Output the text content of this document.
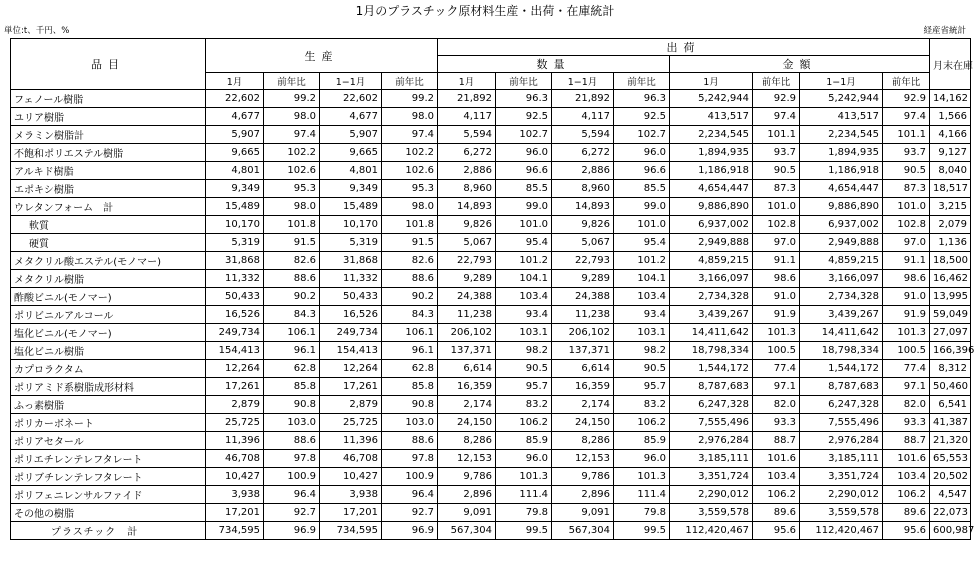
1月のプラスチック原材料生産・出荷・在庫統計
単位:t、千円、%	経産省統計
品目	生産				出荷								月末在庫
					数量				金額				
	1月	前年比	1−1月	前年比	1月	前年比	1−1月	前年比	1月	前年比	1−1月	前年比	
フェノール樹脂	22,602	99.2	22,602	99.2	21,892	96.3	21,892	96.3	5,242,944	92.9	5,242,944	92.9	14,162
ユリア樹脂	4,677	98.0	4,677	98.0	4,117	92.5	4,117	92.5	413,517	97.4	413,517	97.4	1,566
メラミン樹脂計	5,907	97.4	5,907	97.4	5,594	102.7	5,594	102.7	2,234,545	101.1	2,234,545	101.1	4,166
不飽和ポリエステル樹脂	9,665	102.2	9,665	102.2	6,272	96.0	6,272	96.0	1,894,935	93.7	1,894,935	93.7	9,127
アルキド樹脂	4,801	102.6	4,801	102.6	2,886	96.6	2,886	96.6	1,186,918	90.5	1,186,918	90.5	8,040
エポキシ樹脂	9,349	95.3	9,349	95.3	8,960	85.5	8,960	85.5	4,654,447	87.3	4,654,447	87.3	18,517
ウレタンフォーム　計	15,489	98.0	15,489	98.0	14,893	99.0	14,893	99.0	9,886,890	101.0	9,886,890	101.0	3,215
軟質	10,170	101.8	10,170	101.8	9,826	101.0	9,826	101.0	6,937,002	102.8	6,937,002	102.8	2,079
硬質	5,319	91.5	5,319	91.5	5,067	95.4	5,067	95.4	2,949,888	97.0	2,949,888	97.0	1,136
メタクリル酸エステル(モノマー)	31,868	82.6	31,868	82.6	22,793	101.2	22,793	101.2	4,859,215	91.1	4,859,215	91.1	18,500
メタクリル樹脂	11,332	88.6	11,332	88.6	9,289	104.1	9,289	104.1	3,166,097	98.6	3,166,097	98.6	16,462
酢酸ビニル(モノマー)	50,433	90.2	50,433	90.2	24,388	103.4	24,388	103.4	2,734,328	91.0	2,734,328	91.0	13,995
ポリビニルアルコール	16,526	84.3	16,526	84.3	11,238	93.4	11,238	93.4	3,439,267	91.9	3,439,267	91.9	59,049
塩化ビニル(モノマー)	249,734	106.1	249,734	106.1	206,102	103.1	206,102	103.1	14,411,642	101.3	14,411,642	101.3	27,097
塩化ビニル樹脂	154,413	96.1	154,413	96.1	137,371	98.2	137,371	98.2	18,798,334	100.5	18,798,334	100.5	166,396
カプロラクタム	12,264	62.8	12,264	62.8	6,614	90.5	6,614	90.5	1,544,172	77.4	1,544,172	77.4	8,312
ポリアミド系樹脂成形材料	17,261	85.8	17,261	85.8	16,359	95.7	16,359	95.7	8,787,683	97.1	8,787,683	97.1	50,460
ふっ素樹脂	2,879	90.8	2,879	90.8	2,174	83.2	2,174	83.2	6,247,328	82.0	6,247,328	82.0	6,541
ポリカーボネート	25,725	103.0	25,725	103.0	24,150	106.2	24,150	106.2	7,555,496	93.3	7,555,496	93.3	41,387
ポリアセタール	11,396	88.6	11,396	88.6	8,286	85.9	8,286	85.9	2,976,284	88.7	2,976,284	88.7	21,320
ポリエチレンテレフタレート	46,708	97.8	46,708	97.8	12,153	96.0	12,153	96.0	3,185,111	101.6	3,185,111	101.6	65,553
ポリブチレンテレフタレート	10,427	100.9	10,427	100.9	9,786	101.3	9,786	101.3	3,351,724	103.4	3,351,724	103.4	20,502
ポリフェニレンサルファイド	3,938	96.4	3,938	96.4	2,896	111.4	2,896	111.4	2,290,012	106.2	2,290,012	106.2	4,547
その他の樹脂	17,201	92.7	17,201	92.7	9,091	79.8	9,091	79.8	3,559,578	89.6	3,559,578	89.6	22,073
プラスチック　計	734,595	96.9	734,595	96.9	567,304	99.5	567,304	99.5	112,420,467	95.6	112,420,467	95.6	600,987
